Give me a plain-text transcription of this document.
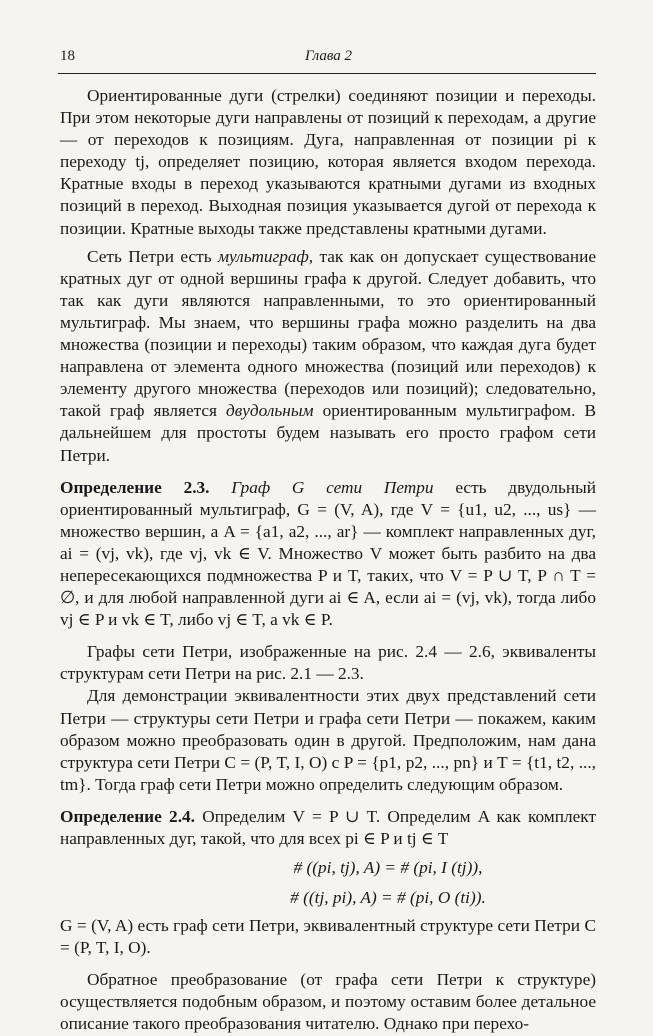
18	Глава 2

Ориентированные дуги (стрелки) соединяют позиции и переходы. При этом некоторые дуги направлены от позиций к переходам, а другие — от переходов к позициям. Дуга, направленная от позиции pi к переходу tj, определяет позицию, которая является входом перехода. Кратные входы в переход указываются кратными дугами из входных позиций в переход. Выходная позиция указывается дугой от перехода к позиции. Кратные выходы также представлены кратными дугами.

Сеть Петри есть мультиграф, так как он допускает существование кратных дуг от одной вершины графа к другой. Следует добавить, что так как дуги являются направленными, то это ориентированный мультиграф. Мы знаем, что вершины графа можно разделить на два множества (позиции и переходы) таким образом, что каждая дуга будет направлена от элемента одного множества (позиций или переходов) к элементу другого множества (переходов или позиций); следовательно, такой граф является двудольным ориентированным мультиграфом. В дальнейшем для простоты будем называть его просто графом сети Петри.

Определение 2.3. Граф G сети Петри есть двудольный ориентированный мультиграф, G = (V, A), где V = {u1, u2, ..., us} — множество вершин, а A = {a1, a2, ..., ar} — комплект направленных дуг, ai = (vj, vk), где vj, vk ∈ V. Множество V может быть разбито на два непересекающихся подмножества P и T, таких, что V = P ∪ T, P ∩ T = ∅, и для любой направленной дуги ai ∈ A, если ai = (vj, vk), тогда либо vj ∈ P и vk ∈ T, либо vj ∈ T, а vk ∈ P.

Графы сети Петри, изображенные на рис. 2.4 — 2.6, эквиваленты структурам сети Петри на рис. 2.1 — 2.3.

Для демонстрации эквивалентности этих двух представлений сети Петри — структуры сети Петри и графа сети Петри — покажем, каким образом можно преобразовать один в другой. Предположим, нам дана структура сети Петри C = (P, T, I, O) с P = {p1, p2, ..., pn} и T = {t1, t2, ..., tm}. Тогда граф сети Петри можно определить следующим образом.

Определение 2.4. Определим V = P ∪ T. Определим A как комплект направленных дуг, такой, что для всех pi ∈ P и tj ∈ T

# ((pi, tj), A) = # (pi, I (tj)),
# ((tj, pi), A) = # (pi, O (ti)).

G = (V, A) есть граф сети Петри, эквивалентный структуре сети Петри C = (P, T, I, O).

Обратное преобразование (от графа сети Петри к структуре) осуществляется подобным образом, и поэтому оставим более детальное описание такого преобразования читателю. Однако при перехо-
